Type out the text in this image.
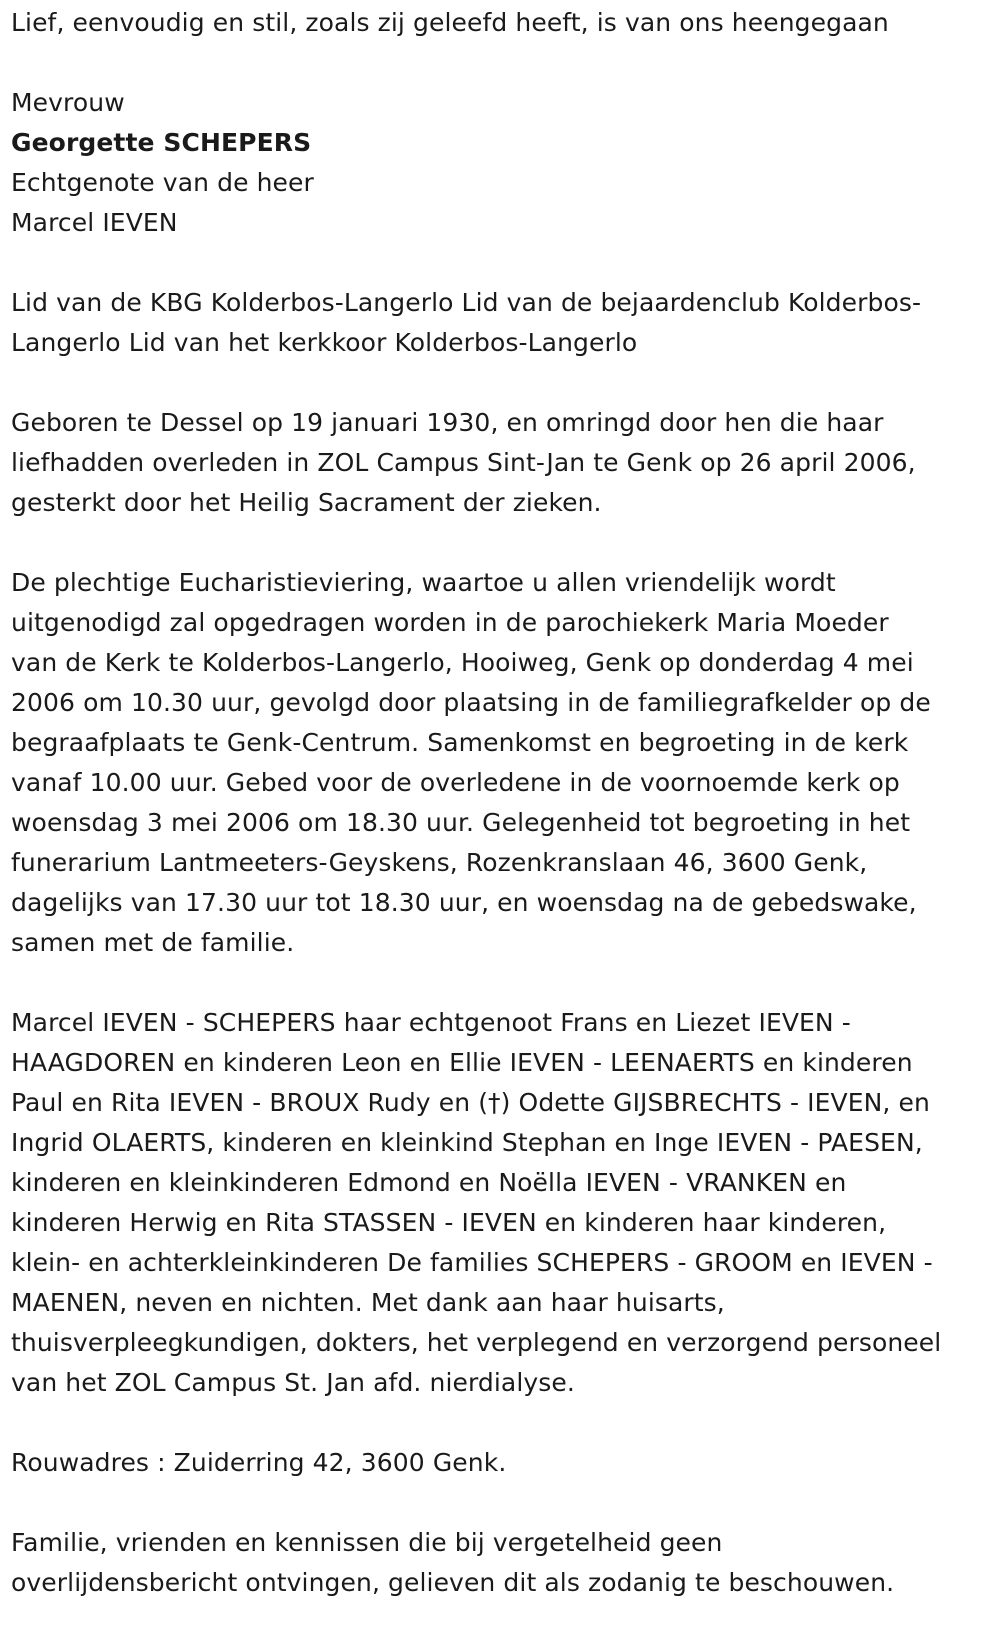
Lief, eenvoudig en stil, zoals zij geleefd heeft, is van ons heengegaan

Mevrouw

Georgette SCHEPERS

Echtgenote van de heer

Marcel IEVEN

Lid van de KBG Kolderbos-Langerlo Lid van de bejaardenclub Kolderbos-
Langerlo Lid van het kerkkoor Kolderbos-Langerlo

Geboren te Dessel op 19 januari 1930, en omringd door hen die haar
liefhadden overleden in ZOL Campus Sint-Jan te Genk op 26 april 2006,
gesterkt door het Heilig Sacrament der zieken.

De plechtige Eucharistieviering, waartoe u allen vriendelijk wordt
uitgenodigd zal opgedragen worden in de parochiekerk Maria Moeder
van de Kerk te Kolderbos-Langerlo, Hooiweg, Genk op donderdag 4 mei
2006 om 10.30 uur, gevolgd door plaatsing in de familiegrafkelder op de
begraafplaats te Genk-Centrum. Samenkomst en begroeting in de kerk
vanaf 10.00 uur. Gebed voor de overledene in de voornoemde kerk op
woensdag 3 mei 2006 om 18.30 uur. Gelegenheid tot begroeting in het
funerarium Lantmeeters-Geyskens, Rozenkranslaan 46, 3600 Genk,
dagelijks van 17.30 uur tot 18.30 uur, en woensdag na de gebedswake,
samen met de familie.

Marcel IEVEN - SCHEPERS haar echtgenoot Frans en Liezet IEVEN -
HAAGDOREN en kinderen Leon en Ellie IEVEN - LEENAERTS en kinderen
Paul en Rita IEVEN - BROUX Rudy en (†) Odette GIJSBRECHTS - IEVEN, en
Ingrid OLAERTS, kinderen en kleinkind Stephan en Inge IEVEN - PAESEN,
kinderen en kleinkinderen Edmond en Noëlla IEVEN - VRANKEN en
kinderen Herwig en Rita STASSEN - IEVEN en kinderen haar kinderen,
klein- en achterkleinkinderen De families SCHEPERS - GROOM en IEVEN -
MAENEN, neven en nichten. Met dank aan haar huisarts,
thuisverpleegkundigen, dokters, het verplegend en verzorgend personeel
van het ZOL Campus St. Jan afd. nierdialyse.

Rouwadres : Zuiderring 42, 3600 Genk.

Familie, vrienden en kennissen die bij vergetelheid geen
overlijdensbericht ontvingen, gelieven dit als zodanig te beschouwen.
